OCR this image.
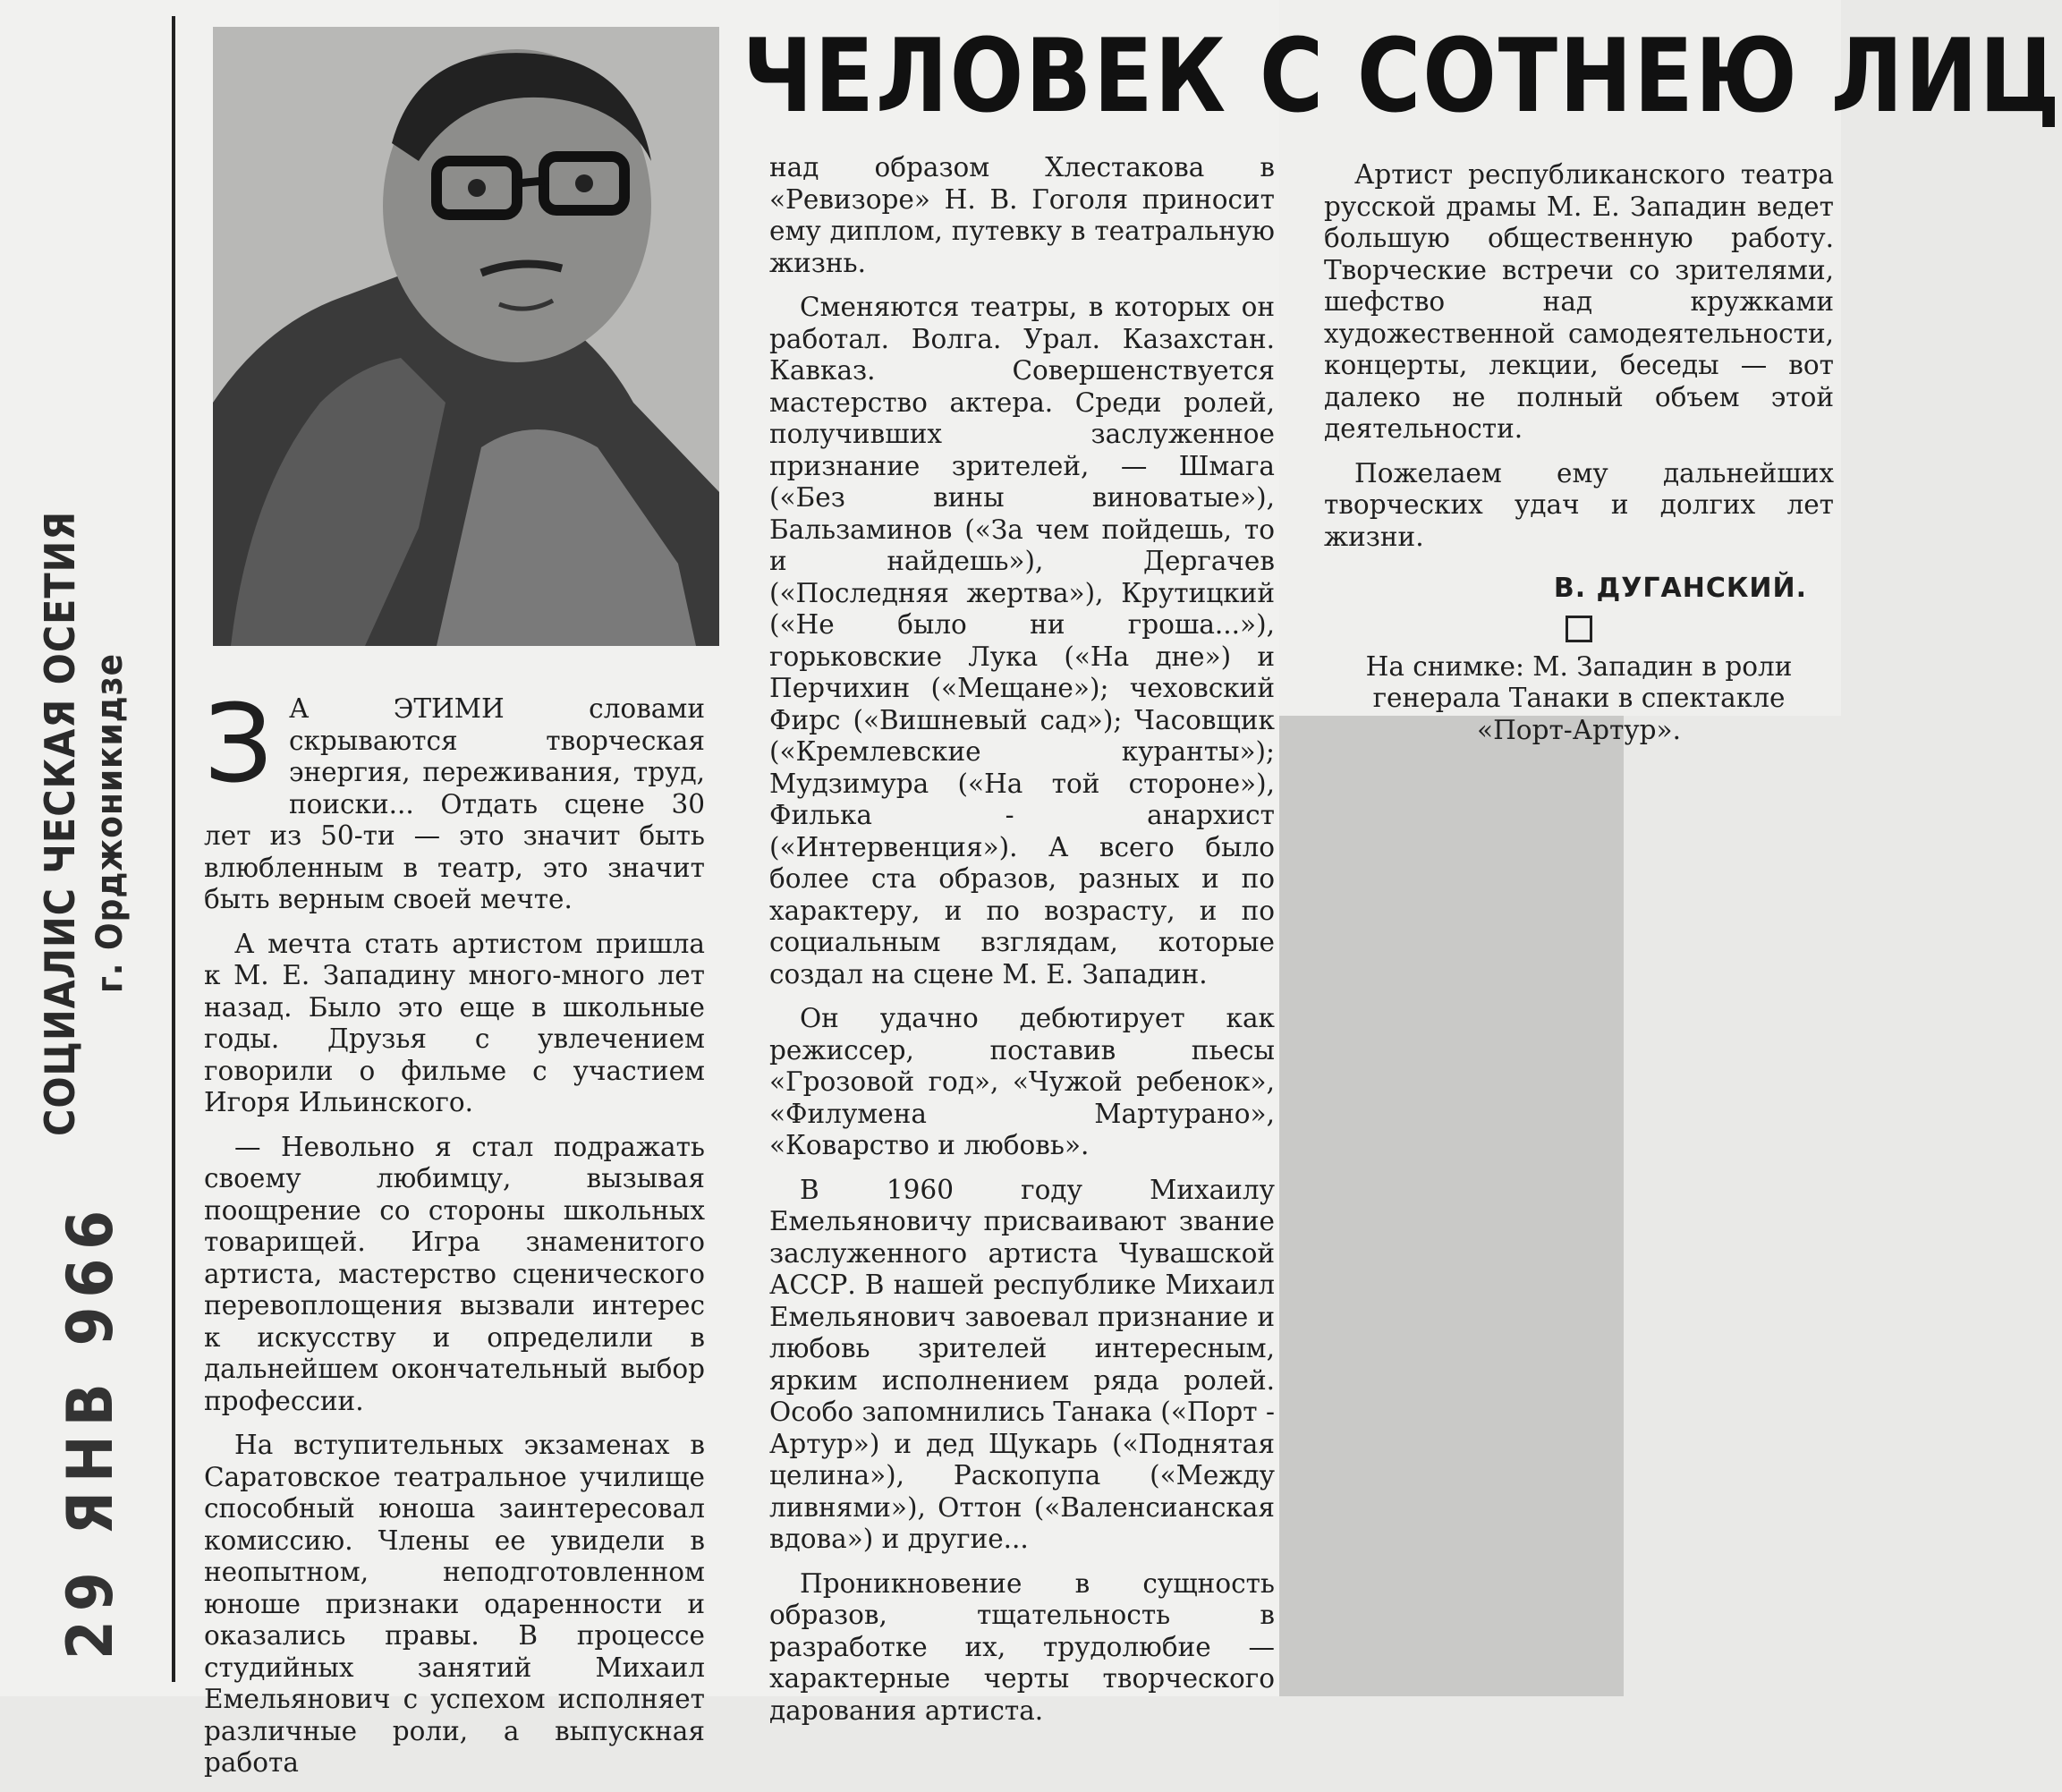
СОЦИАЛИС ЧЕСКАЯ ОСЕТИЯ г. Орджоникидзе
29 ЯНВ 966
ЧЕЛОВЕК С СОТНЕЮ ЛИЦ
З А ЭТИМИ словами скрываются творческая энергия, переживания, труд, поиски... Отдать сцене 30 лет из 50-ти — это значит быть влюбленным в театр, это значит быть верным своей мечте.

А мечта стать артистом пришла к М. Е. Западину много-много лет назад. Было это еще в школьные годы. Друзья с увлечением говорили о фильме с участием Игоря Ильинского.

— Невольно я стал подражать своему любимцу, вызывая поощрение со стороны школьных товарищей. Игра знаменитого артиста, мастерство сценического перевоплощения вызвали интерес к искусству и определили в дальнейшем окончательный выбор профессии.

На вступительных экзаменах в Саратовское театральное училище способный юноша заинтересовал комиссию. Члены ее увидели в неопытном, неподготовленном юноше признаки одаренности и оказались правы. В процессе студийных занятий Михаил Емельянович с успехом исполняет различные роли, а выпускная работа

над образом Хлестакова в «Ревизоре» Н. В. Гоголя приносит ему диплом, путевку в театральную жизнь.

Сменяются театры, в которых он работал. Волга. Урал. Казахстан. Кавказ. Совершенствуется мастерство актера. Среди ролей, получивших заслуженное признание зрителей, — Шмага («Без вины виноватые»), Бальзаминов («За чем пойдешь, то и найдешь»), Дергачев («Последняя жертва»), Крутицкий («Не было ни гроша...»), горьковские Лука («На дне») и Перчихин («Мещане»); чеховский Фирс («Вишневый сад»); Часовщик («Кремлевские куранты»); Мудзимура («На той стороне»), Филька - анархист («Интервенция»). А всего было более ста образов, разных и по характеру, и по возрасту, и по социальным взглядам, которые создал на сцене М. Е. Западин.

Он удачно дебютирует как режиссер, поставив пьесы «Грозовой год», «Чужой ребенок», «Филумена Мартурано», «Коварство и любовь».

В 1960 году Михаилу Емельяновичу присваивают звание заслуженного артиста Чувашской АССР. В нашей республике Михаил Емельянович завоевал признание и любовь зрителей интересным, ярким исполнением ряда ролей. Особо запомнились Танака («Порт - Артур») и дед Щукарь («Поднятая целина»), Раскопупа («Между ливнями»), Оттон («Валенсианская вдова») и другие...

Проникновение в сущность образов, тщательность в разработке их, трудолюбие — характерные черты творческого дарования артиста.

Артист республиканского театра русской драмы М. Е. Западин ведет большую общественную работу. Творческие встречи со зрителями, шефство над кружками художественной самодеятельности, концерты, лекции, беседы — вот далеко не полный объем этой деятельности.

Пожелаем ему дальнейших творческих удач и долгих лет жизни.

В. ДУГАНСКИЙ.
На снимке: М. Западин в роли генерала Танаки в спектакле «Порт-Артур».
